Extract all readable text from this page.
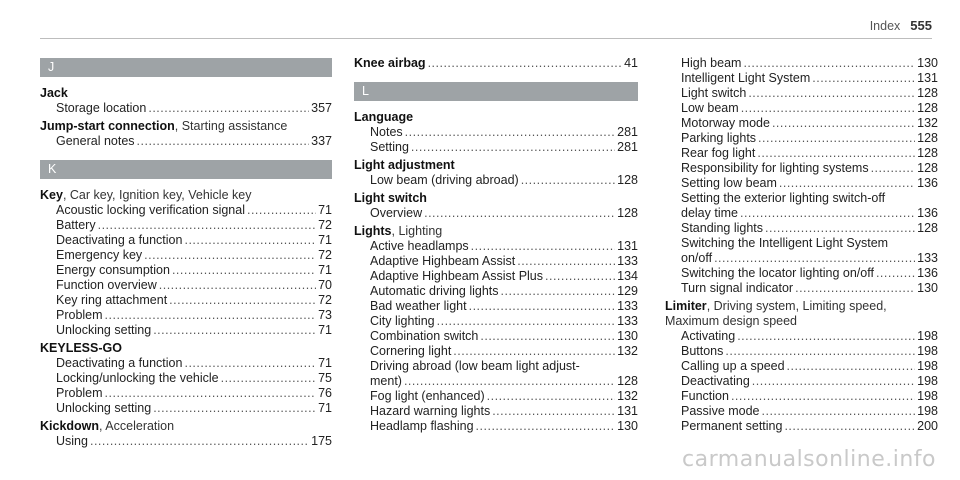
Index 555
J
Jack
Storage location .....	357
Jump-start connection, Starting assistance
General notes .....	337
K
Key, Car key, Ignition key, Vehicle key
Acoustic locking verification signal .....	71
Battery .....	72
Deactivating a function .....	71
Emergency key .....	72
Energy consumption .....	71
Function overview .....	70
Key ring attachment .....	72
Problem .....	73
Unlocking setting .....	71
KEYLESS-GO
Deactivating a function .....	71
Locking/unlocking the vehicle .....	75
Problem .....	76
Unlocking setting .....	71
Kickdown, Acceleration
Using .....	175
Knee airbag .....	41
L
Language
Notes .....	281
Setting .....	281
Light adjustment
Low beam (driving abroad) .....	128
Light switch
Overview .....	128
Lights, Lighting
Active headlamps .....	131
Adaptive Highbeam Assist .....	133
Adaptive Highbeam Assist Plus .....	134
Automatic driving lights .....	129
Bad weather light .....	133
City lighting .....	133
Combination switch .....	130
Cornering light .....	132
Driving abroad (low beam light adjust-
ment) .....	128
Fog light (enhanced) .....	132
Hazard warning lights .....	131
Headlamp flashing .....	130
High beam .....	130
Intelligent Light System .....	131
Light switch .....	128
Low beam .....	128
Motorway mode .....	132
Parking lights .....	128
Rear fog light .....	128
Responsibility for lighting systems .....	128
Setting low beam .....	136
Setting the exterior lighting switch-off
delay time .....	136
Standing lights .....	128
Switching the Intelligent Light System
on/off .....	133
Switching the locator lighting on/off .....	136
Turn signal indicator .....	130
Limiter, Driving system, Limiting speed,
Maximum design speed
Activating .....	198
Buttons .....	198
Calling up a speed .....	198
Deactivating .....	198
Function .....	198
Passive mode .....	198
Permanent setting .....	200
carmanualsonline.info
